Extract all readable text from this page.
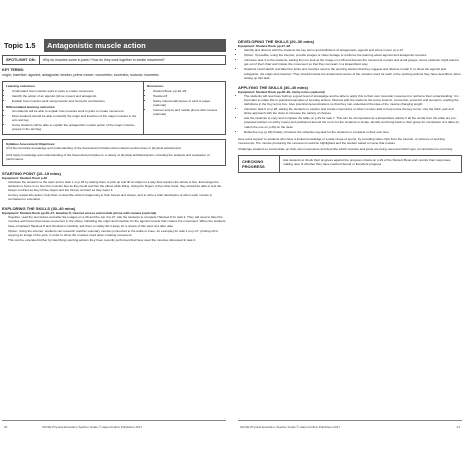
Topic 1.5	Antagonistic muscle action
SPOTLIGHT ON:	Why do muscles come in pairs? How do they work together to create movement?
KEY TERMS:
origin; insertion; agonist; antagonist; tendon; prime mover; concentric; eccentric; isotonic; isometric
Learning outcomes:
• Understand how muscles work in pairs to create movement.
• Identify the action of an agonist (prime mover) and antagonist.
• Explain how muscles work using isotonic and isometric contractions.
Differentiated learning outcomes:
• All students will be able to explain how muscles work in pairs to create movement.
• Most students should be able to identify the origin and insertion of the major muscles in the arm and leg.
• Some students will be able to explain the antagonistic muscle action of the major muscles groups in the arm/leg.
Resources:
• Student Book: pp.26–29
• Handout 8
• Sticky notes/small pieces of card or paper (optional)
• Internet access and mobile phone with camera (optional)
Syllabus Assessment Objectives:

AO1 Demonstrate knowledge and understanding of the theoretical principles that underpin performance in physical activity/sport

AO2 Apply knowledge and understanding of the theoretical principles to a variety of physical activities/sports, including the analysis and evaluation of performance

STARTING POINT (10–15 mins)
Equipment: Student Book p.26
• Introduce the students to the topic and to task 1 on p.26 by asking them to pick up and lift an object in a way that requires the elbow to flex. Encourage the students to focus in on how the muscles feel as they bend and flex the elbow while lifting. Using the fingers of the other hand, they should be able to feel the biceps contract as they lift the object and the triceps contract as they lower it.
• As they repeat this action, help them to describe what is happening to their biceps and triceps, and to write a brief description of when each muscle is contracted or extended.
EXPLORING THE SKILLS (30–40 mins)
Equipment: Student Book pp.26–27, Handout 8, internet access and mobile phone with camera (optional)
• Together, read the text before and after the images on p.26 and the top of p.27. Ask the students to complete Handout 8 for task 2. They will need to label the muscles and bones that cause movement in the elbow, indicating the origin and insertion for the agonist muscle that creates the movement. When the students have completed Handout 8 and checked it carefully, ask them to safely file it away for a review of this topic at a later date.
• Option: Using the internet, students can research another voluntary muscle (connected to the ankle or knee, for example) for task 3 on p.27, printing off or copying an image of the joint, in order to show the muscles used when creating movement.
• This can be extended further by identifying sporting actions they have recently performed that have used the muscles discussed in task 2.
20	IGCSE Physical Education Teacher Guide © HarperCollins Publishers 2017
DEVELOPING THE SKILLS (20–30 mins)
Equipment: Student Book pp.27–28
• Identify and discuss with the students the key terms and definitions of antagonistic, agonist and prime mover on p.27.
• Option: If possible, using the internet, provide images or video footage to reinforce the learning about agonist and antagonist muscles.
• Introduce task 4 to the students, asking them to look at the image on p.28 and discuss the movement in pairs and small groups. Some students might want to get out of their chair and imitate the movement so that they can learn in a kinaesthetic way.
• Students could sketch and label the joints and muscles used in the sporting actions that they suggest and discuss in task 5, to show the agonist and antagonist, the origin and insertion. They should include the anatomical names of the muscles used for each of the sporting actions they have described, when writing up this task.
APPLYING THE SKILLS (30–40 mins)
Equipment: Student Book pp.28–29, sticky notes (optional)
• The students will now have built up a good level of knowledge and be able to apply this to their own muscular movement to reinforce their understanding. It is important to relate this to practical examples of sporting actions. Discuss with the students the terms isotonic, concentric, eccentric and isometric, reading the definitions in the Key terms box. Give practical demonstrations so that they can understand the idea of the muscle changing length.
• Introduce task 6 on p.28, asking the students to explore and create mnemonics or other memory aids to help revise the key terms. Use the think, pair and share approach with the class to increase the variety of choices.
• Ask the students to copy and complete the table on p.29 for task 7. This can be incorporated as a kinaesthetic activity if all the words from the table are pre-prepared (written on sticky notes) and positioned around the room for the students to locate, identify and bring back to their group for completion of a table (to match the one on p.29) on the desk.
• Reflective log: (p.29) Finally, introduce the reflective log task for the students to complete in their own time.

Give extra support to students who have a limited knowledge of a wide range of sports, by providing video clips from the internet, or pictures of sporting movements. The muscle producing the movement could be highlighted and the student asked to name that muscle.

Challenge students to concentrate on their own movements and describe which muscles and joints are being used and which type of contraction is occurring.

CHECKING PROGRESS
Ask students to check their progress against the progress criteria on p.29 of the Student Book and monitor their responses, making note of whether they have reached Sound or Excellent progress.
IGCSE Physical Education Teacher Guide © HarperCollins Publishers 2017	21
